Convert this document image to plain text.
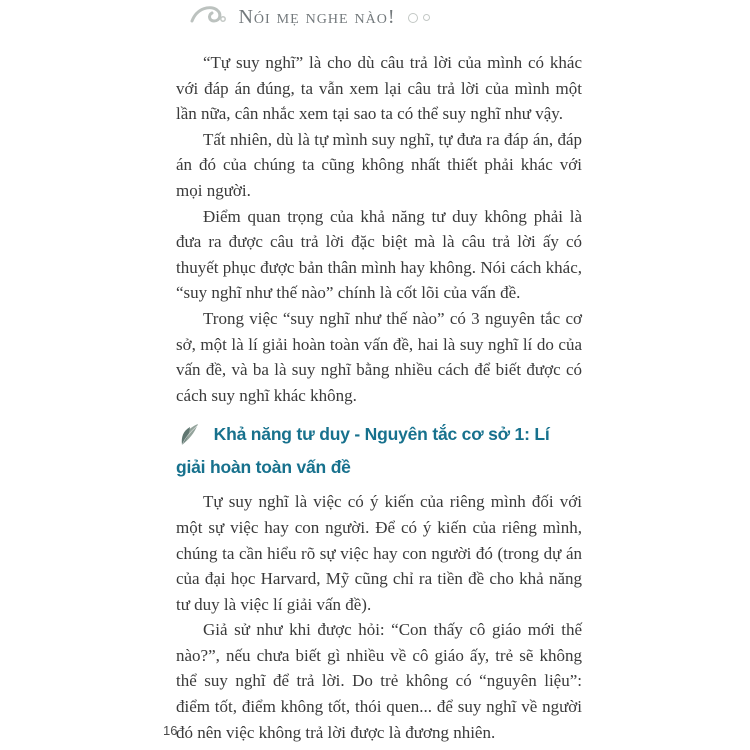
Nói mẹ nghe nào!

“Tự suy nghĩ” là cho dù câu trả lời của mình có khác với đáp án đúng, ta vẫn xem lại câu trả lời của mình một lần nữa, cân nhắc xem tại sao ta có thể suy nghĩ như vậy.

Tất nhiên, dù là tự mình suy nghĩ, tự đưa ra đáp án, đáp án đó của chúng ta cũng không nhất thiết phải khác với mọi người.

Điểm quan trọng của khả năng tư duy không phải là đưa ra được câu trả lời đặc biệt mà là câu trả lời ấy có thuyết phục được bản thân mình hay không. Nói cách khác, “suy nghĩ như thế nào” chính là cốt lõi của vấn đề.

Trong việc “suy nghĩ như thế nào” có 3 nguyên tắc cơ sở, một là lí giải hoàn toàn vấn đề, hai là suy nghĩ lí do của vấn đề, và ba là suy nghĩ bằng nhiều cách để biết được có cách suy nghĩ khác không.

Khả năng tư duy - Nguyên tắc cơ sở 1: Lí giải hoàn toàn vấn đề

Tự suy nghĩ là việc có ý kiến của riêng mình đối với một sự việc hay con người. Để có ý kiến của riêng mình, chúng ta cần hiểu rõ sự việc hay con người đó (trong dự án của đại học Harvard, Mỹ cũng chỉ ra tiền đề cho khả năng tư duy là việc lí giải vấn đề).

Giả sử như khi được hỏi: “Con thấy cô giáo mới thế nào?”, nếu chưa biết gì nhiều về cô giáo ấy, trẻ sẽ không thể suy nghĩ để trả lời. Do trẻ không có “nguyên liệu”: điểm tốt, điểm không tốt, thói quen... để suy nghĩ về người đó nên việc không trả lời được là đương nhiên.

16
